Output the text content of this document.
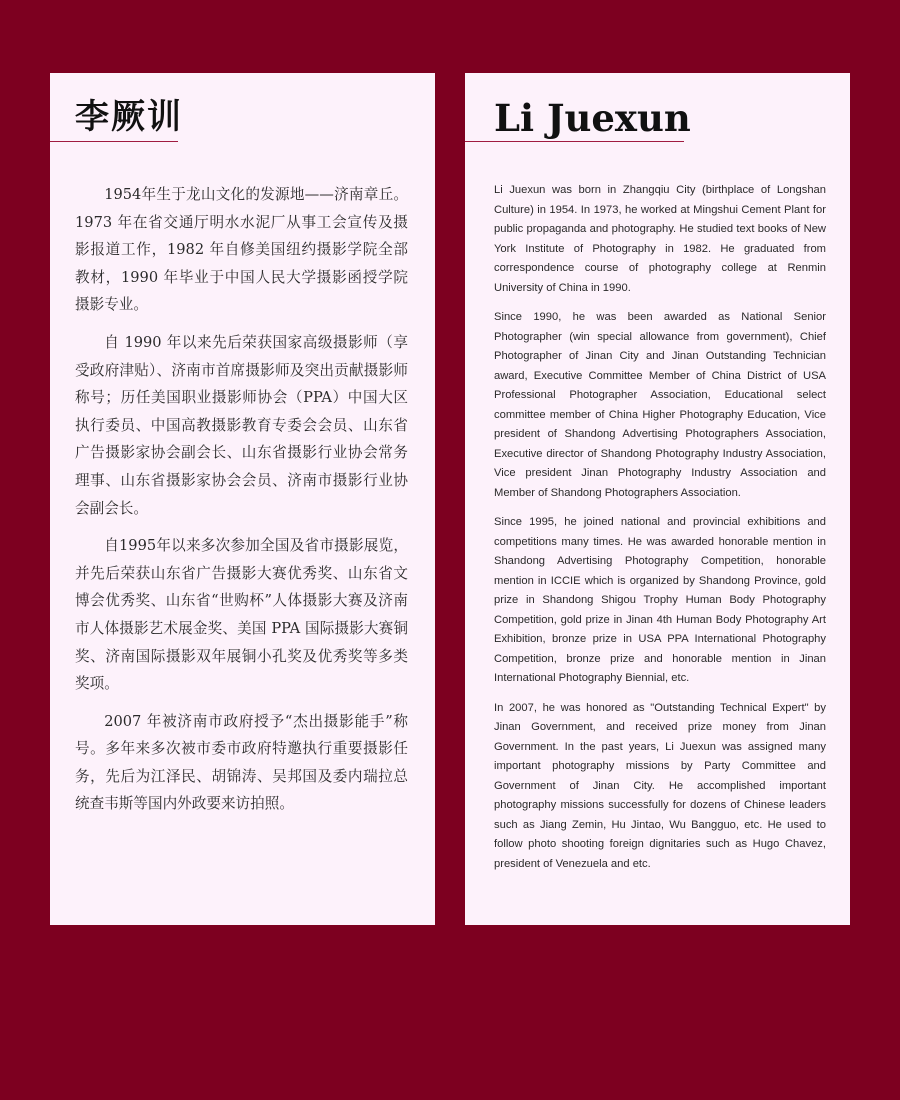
李厥训

1954年生于龙山文化的发源地——济南章丘。1973 年在省交通厅明水水泥厂从事工会宣传及摄影报道工作，1982 年自修美国纽约摄影学院全部教材，1990 年毕业于中国人民大学摄影函授学院摄影专业。

自 1990 年以来先后荣获国家高级摄影师（享受政府津贴）、济南市首席摄影师及突出贡献摄影师称号；历任美国职业摄影师协会（PPA）中国大区执行委员、中国高教摄影教育专委会会员、山东省广告摄影家协会副会长、山东省摄影行业协会常务理事、山东省摄影家协会会员、济南市摄影行业协会副会长。

自1995年以来多次参加全国及省市摄影展览，并先后荣获山东省广告摄影大赛优秀奖、山东省文博会优秀奖、山东省“世购杯”人体摄影大赛及济南市人体摄影艺术展金奖、美国 PPA 国际摄影大赛铜奖、济南国际摄影双年展铜小孔奖及优秀奖等多类奖项。

2007 年被济南市政府授予“杰出摄影能手”称号。多年来多次被市委市政府特邀执行重要摄影任务，先后为江泽民、胡锦涛、吴邦国及委内瑞拉总统查韦斯等国内外政要来访拍照。

Li Juexun

Li Juexun was born in Zhangqiu City (birthplace of Longshan Culture) in 1954. In 1973, he worked at Mingshui Cement Plant for public propaganda and photography. He studied text books of New York Institute of Photography in 1982. He graduated from correspondence course of photography college at Renmin University of China in 1990.

Since 1990, he was been awarded as National Senior Photographer (win special allowance from government), Chief Photographer of Jinan City and Jinan Outstanding Technician award, Executive Committee Member of China District of USA Professional Photographer Association, Educational select committee member of China Higher Photography Education, Vice president of Shandong Advertising Photographers Association, Executive director of Shandong Photography Industry Association, Vice president Jinan Photography Industry Association and Member of Shandong Photographers Association.

Since 1995, he joined national and provincial exhibitions and competitions many times. He was awarded honorable mention in Shandong Advertising Photography Competition, honorable mention in ICCIE which is organized by Shandong Province, gold prize in Shandong Shigou Trophy Human Body Photography Competition, gold prize in Jinan 4th Human Body Photography Art Exhibition, bronze prize in USA PPA International Photography Competition, bronze prize and honorable mention in Jinan International Photography Biennial, etc.

In 2007, he was honored as "Outstanding Technical Expert" by Jinan Government, and received prize money from Jinan Government. In the past years, Li Juexun was assigned many important photography missions by Party Committee and Government of Jinan City. He accomplished important photography missions successfully for dozens of Chinese leaders such as Jiang Zemin, Hu Jintao, Wu Bangguo, etc. He used to follow photo shooting foreign dignitaries such as Hugo Chavez, president of Venezuela and etc.
